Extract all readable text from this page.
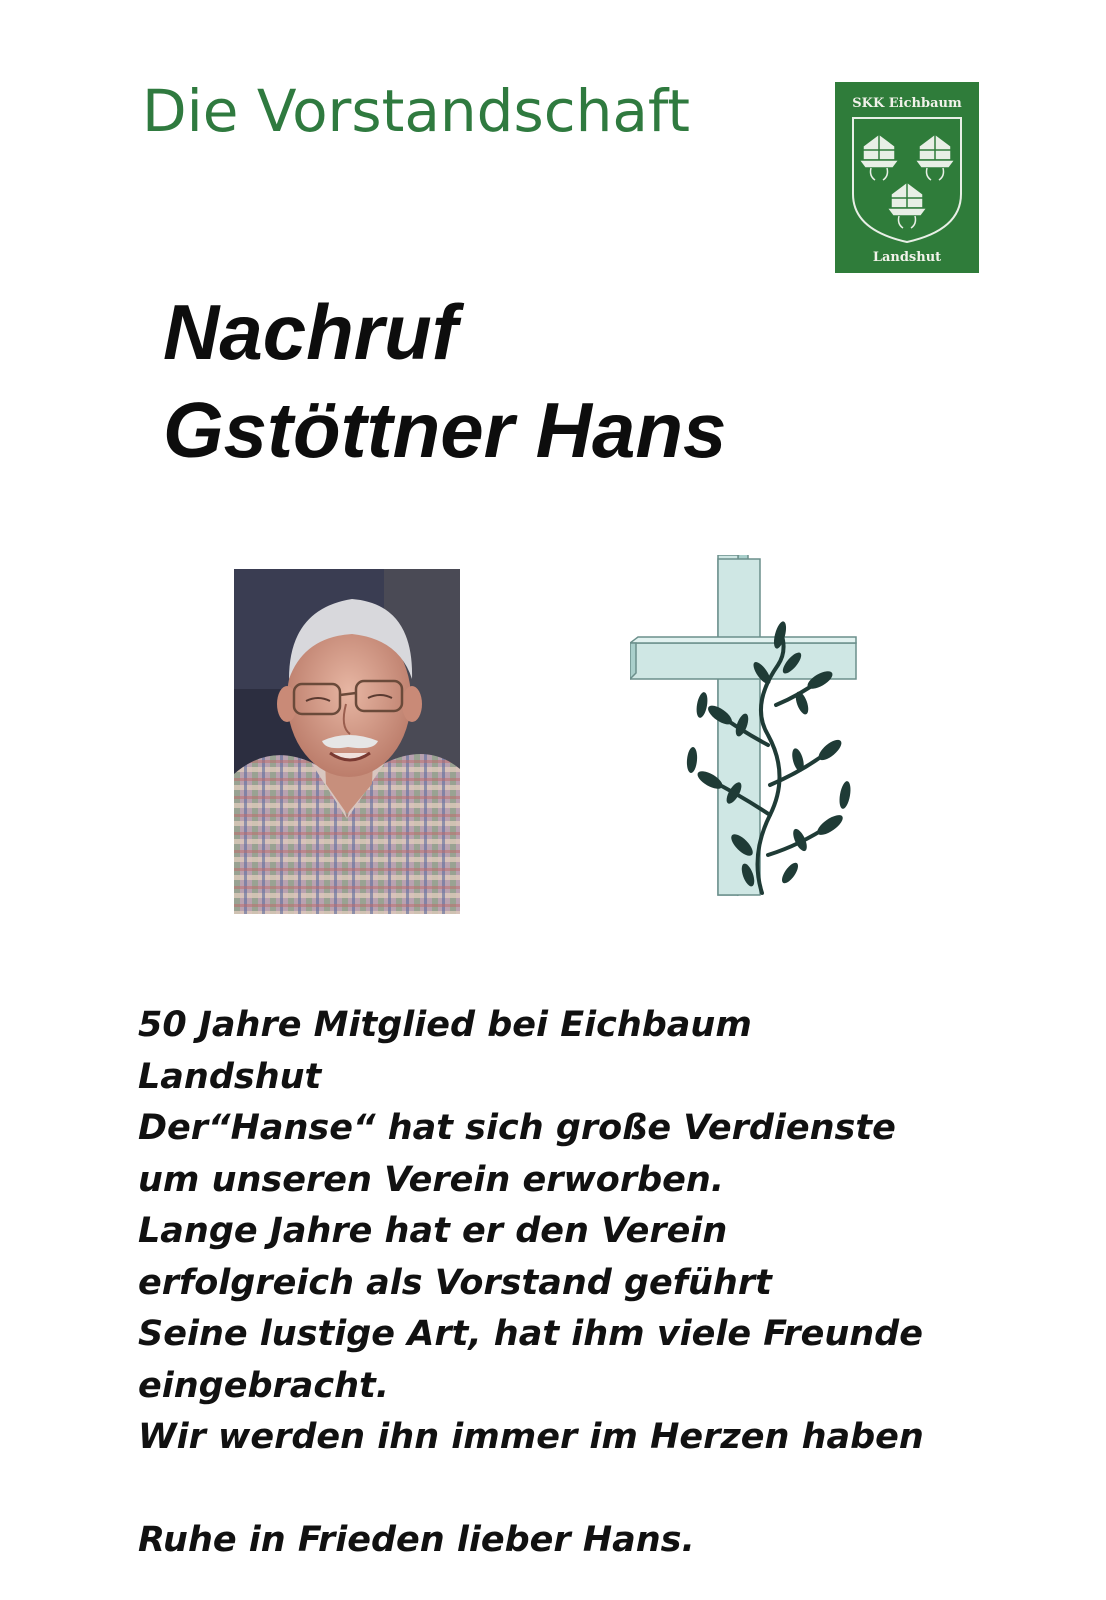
Die Vorstandschaft	SKK Eichbaum
Landshut
Nachruf
Gstöttner Hans
50 Jahre Mitglied bei Eichbaum
Landshut
Der“Hanse“ hat sich große Verdienste
um unseren Verein erworben.
Lange Jahre hat er den Verein
erfolgreich als Vorstand geführt
Seine lustige Art, hat ihm viele Freunde
eingebracht.
Wir werden ihn immer im Herzen haben
Ruhe in Frieden lieber Hans.
